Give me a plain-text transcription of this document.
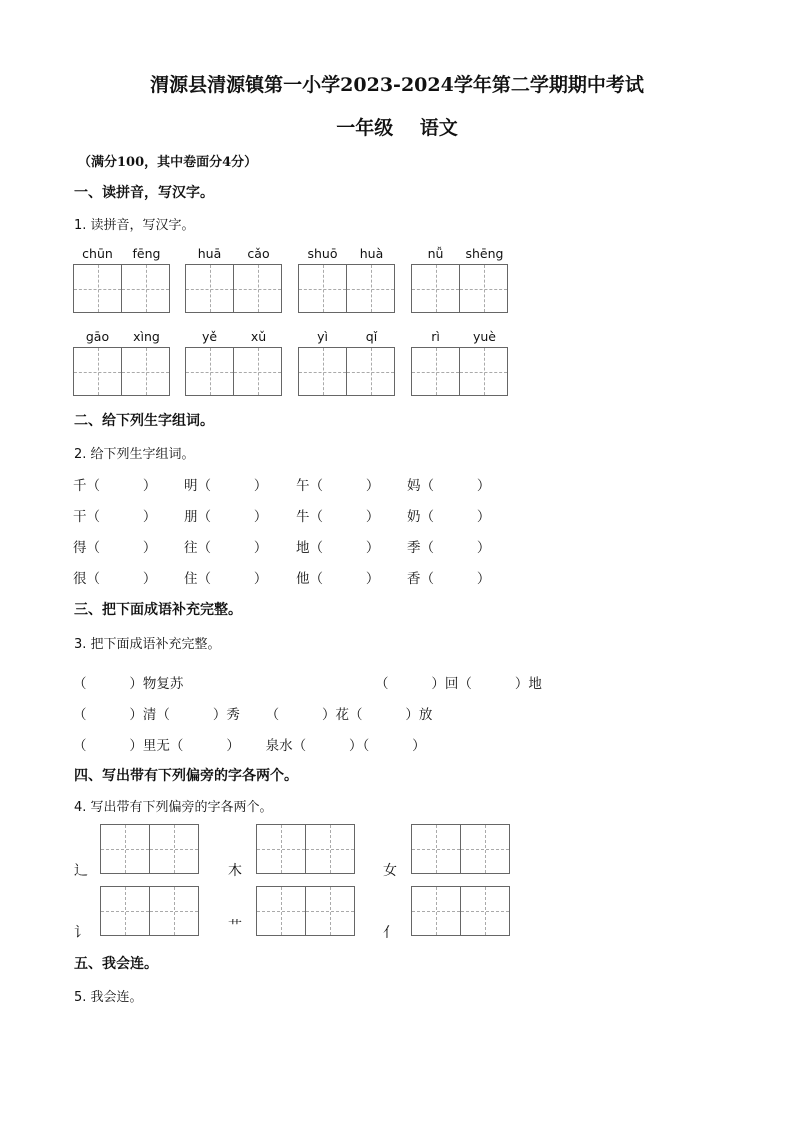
渭源县清源镇第一小学2023-2024学年第二学期期中考试
一年级    语文
（满分100，其中卷面分4分）
一、读拼音，写汉字。
1. 读拼音，写汉字。
chūn	fēng	huā	cǎo	shuō	huà	nǚ	shēng
gāo	xìng	yě	xǔ	yì	qǐ	rì	yuè
二、给下列生字组词。
2. 给下列生字组词。
千（          ） 明（          ） 午（          ） 妈（          ）
干（          ） 朋（          ） 牛（          ） 奶（          ）
得（          ） 往（          ） 地（          ） 季（          ）
很（          ） 住（          ） 他（          ） 香（          ）
三、把下面成语补充完整。
3. 把下面成语补充完整。
（          ）物复苏	（          ）回（          ）地
（          ）清（          ）秀      （          ）花（          ）放
（          ）里无（          ）      泉水（          ）（          ）
四、写出带有下列偏旁的字各两个。
4. 写出带有下列偏旁的字各两个。
辶	木	女
讠	艹	亻
五、我会连。
5. 我会连。
